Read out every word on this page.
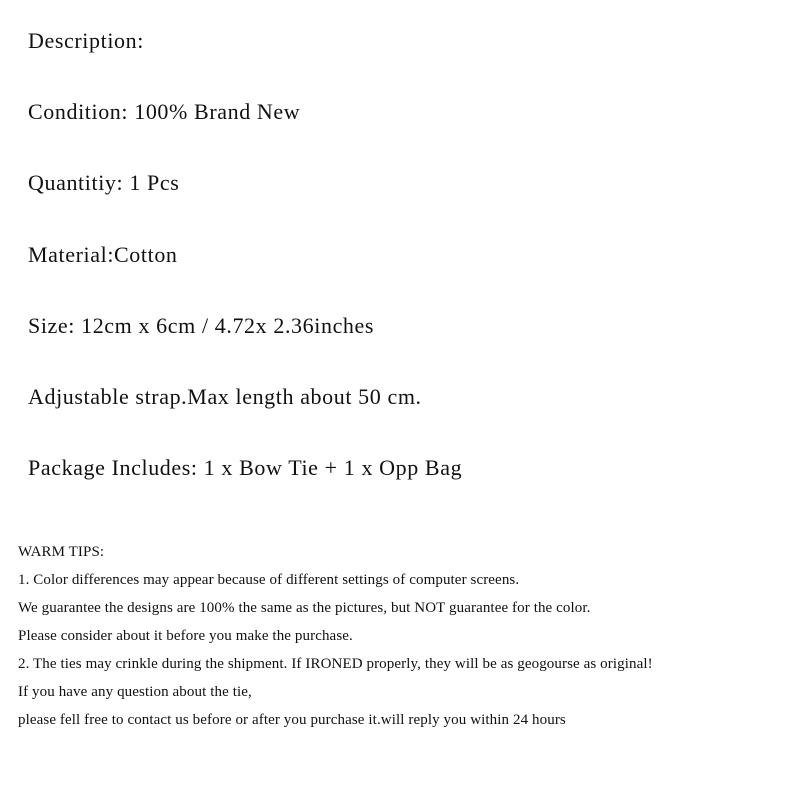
Description:
Condition: 100% Brand New
Quantitiy: 1 Pcs
Material:Cotton
Size: 12cm x 6cm / 4.72x 2.36inches
Adjustable strap.Max length about 50 cm.
Package Includes: 1 x Bow Tie + 1 x Opp Bag
WARM TIPS:
1. Color differences may appear because of different settings of computer screens.
We guarantee the designs are 100% the same as the pictures, but NOT guarantee for the color.
Please consider about it before you make the purchase.
2. The ties may crinkle during the shipment. If IRONED properly, they will be as geogourse as original!
If you have any question about the tie,
please fell free to contact us before or after you purchase it.will reply you within 24 hours
